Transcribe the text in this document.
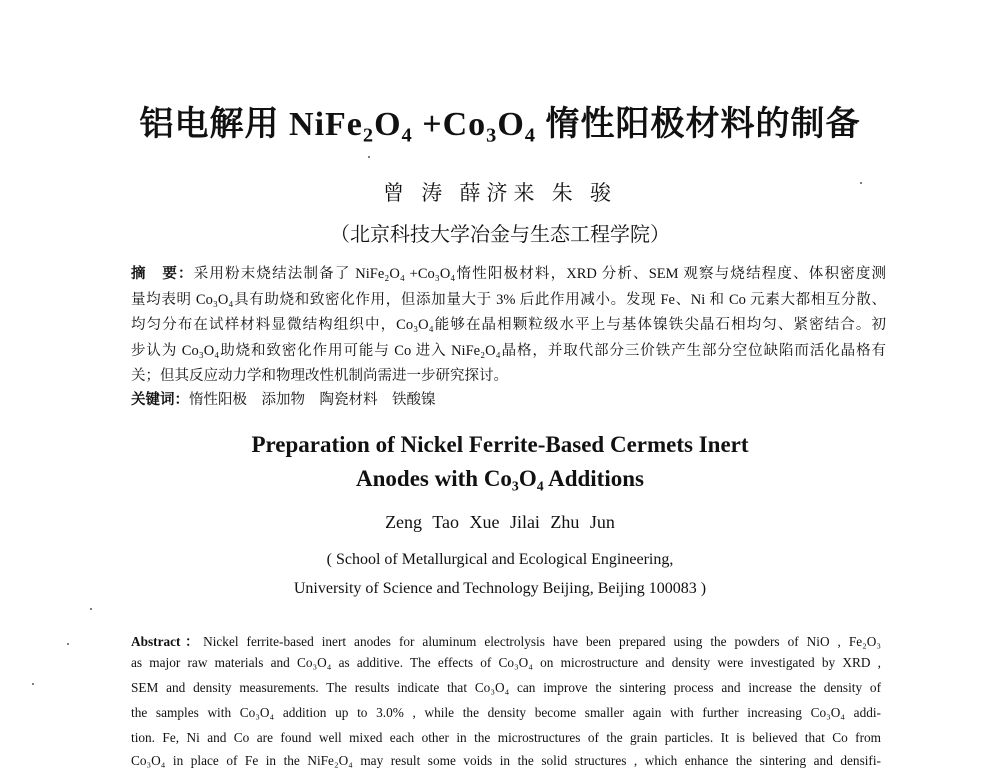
铝电解用 NiFe₂O₄ +Co₃O₄ 惰性阳极材料的制备
曾 涛 薛济来 朱 骏
（北京科技大学冶金与生态工程学院）
摘　要：采用粉末烧结法制备了 NiFe₂O₄ +Co₃O₄惰性阳极材料，XRD 分析、SEM 观察与烧结程度、体积密度测
量均表明 Co₃O₄具有助烧和致密化作用，但添加量大于 3% 后此作用减小。发现 Fe、Ni 和 Co 元素大都相互分散、
均匀分布在试样材料显微结构组织中，Co₃O₄能够在晶相颗粒级水平上与基体镍铁尖晶石相均匀、紧密结合。初
步认为 Co₃O₄助烧和致密化作用可能与 Co 进入 NiFe₂O₄晶格，并取代部分三价铁产生部分空位缺陷而活化晶格有
关；但其反应动力学和物理改性机制尚需进一步研究探讨。
关键词：惰性阳极　添加物　陶瓷材料　铁酸镍
Preparation of Nickel Ferrite-Based Cermets Inert
Anodes with Co₃O₄ Additions
Zeng Tao Xue Jilai Zhu Jun
( School of Metallurgical and Ecological Engineering,
University of Science and Technology Beijing, Beijing 100083 )
Abstract：Nickel ferrite-based inert anodes for aluminum electrolysis have been prepared using the powders of NiO , Fe₂O₃
as major raw materials and Co₃O₄ as additive. The effects of Co₃O₄ on microstructure and density were investigated by XRD ,
SEM and density measurements. The results indicate that Co₃O₄ can improve the sintering process and increase the density of
the samples with Co₃O₄ addition up to 3.0% , while the density become smaller again with further increasing Co₃O₄ addi-
tion. Fe, Ni and Co are found well mixed each other in the microstructures of the grain particles. It is believed that Co from
Co₃O₄ in place of Fe in the NiFe₂O₄ may result some voids in the solid structures , which enhance the sintering and densifi-
